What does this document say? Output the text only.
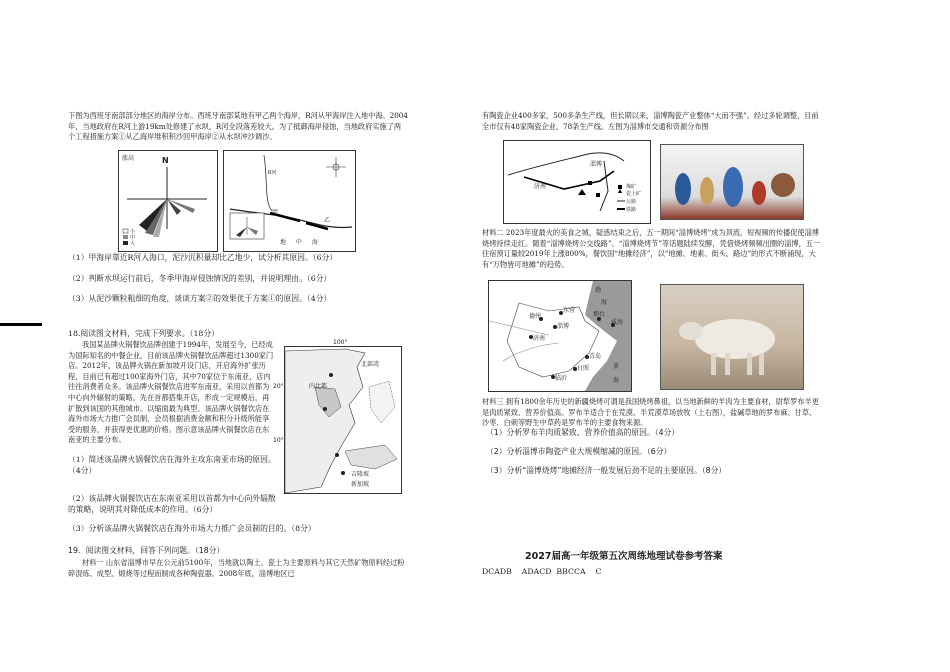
下图为西班牙南部部分地区的海岸分布。西班牙南部某地有甲乙两个海岸，R河从甲海岸注入地中海。2004年，当地政府在R河上游19km处修建了水坝。R河全段落差较大。为了抵御海岸侵蚀，当地政府实施了两个工程措施方案①从乙海岸堆积积沙回甲海岸②从水坝冲沙调沙。

涨高	N
小
中
大
R河
甲
乙
地 中 海

（1）甲海岸靠近R河入海口，泥沙沉积量却比乙地少，试分析其原因。（6分）

（2）判断水坝运行前后，冬季甲海岸侵蚀情况的差别，并说明理由。（6分）

（3）从泥沙颗粒粗细的角度，谈谈方案②的效果优于方案①的原因。（4分）

18.阅读图文材料，完成下列要求。（18分）

我国某品牌火锅餐饮品牌创建于1994年，发展至今，已经成为国际知名的中餐企业，目前该品牌火锅餐饮品牌超过1300家门店。2012年，该品牌火锅在新加坡开设门店，开启海外扩张历程，目前已有超过100家海外门店，其中70家位于东南亚，店内往往消费者众多。该品牌火锅餐饮店进军东南亚，采用以首都为中心向外辐射的策略，先在首都搭集开店，形成一定规模后，再扩散到该国的其他城市。以缩面最为典型。该品牌火锅餐饮店在海外市场大力推广会员制，会员根据消费金额和积分升级所能享受的服务，并获得更优惠的价格。图示意该品牌火锅餐饮店在东南亚的主要分布。

100°
20°
10°
北部湾
内比都
吉隆坡
新加坡

（1）简述该品牌火锅餐饮店在海外主攻东南亚市场的原因。（4分）

（2）该品牌火锅餐饮店在东南亚采用以首都为中心向外辐散的策略，说明其对降低成本的作用。（6分）

（3）分析该品牌火锅餐饮店在海外市场大力推广会员制的目的。（8分）

19．阅读图文材料，回答下列问题。（18分）

材料一 山东省淄博市早在公元前5100年，当地就以陶土、瓷土为主要原料与其它天然矿物原料经过粉碎混炼、成型、煅烧等过程而制成各种陶瓷器。2008年底，淄博地区已

有陶瓷企业400多家，500多条生产线，但长期以来，淄博陶瓷产业整体“大而不强”。经过多轮调整，目前全市仅有48家陶瓷企业，78条生产线。左图为淄博市交通和资源分布图

淄博
济南	煤矿
瓷土矿
公路
铁路

材料二 2023年度最火的美食之城，疑惑结束之后，五一期间“淄博烧烤”成为顶流，短视频的传播促使淄博烧烤持续走红。随着“淄博烧烤公交线路”、“淄博烧烤节”等话题陆续发酵，凭借烧烤频频出圈的淄博，五一住宿预订量较2019年上涨800%，餐饮国“地摊经济”，以“地摊、地素、街头、路边”的形式不断涌现，大有“万物皆可地摊”的趋势。

德州
东营
淄博
济南
烟台
威海
青岛
日照
临沂
渤
海
黄
海

材料三 拥有1800余年历史的新疆烧烤可谓是我国烧烤鼻祖，以当地新鲜的羊肉为主要食材，尉犁罗布羊更是肉质紧致、营养价值高。罗布羊适合于在荒漠、半荒漠草场放牧（上右图），盐碱草地的罗布麻、甘草、沙枣、白刺等野生中草药是罗布羊的主要食物来源。

（1）分析罗布羊肉质紧致、营养价值高的原因。（4分）

（2）分析淄博市陶瓷产业大规模缩减的原因。（6分）

（3）分析“淄博烧烤”地摊经济一般发展后劲不足的主要原因。（8分）

2027届高一年级第五次周练地理试卷参考答案

DCADB    ADACD  BBCCA    C
